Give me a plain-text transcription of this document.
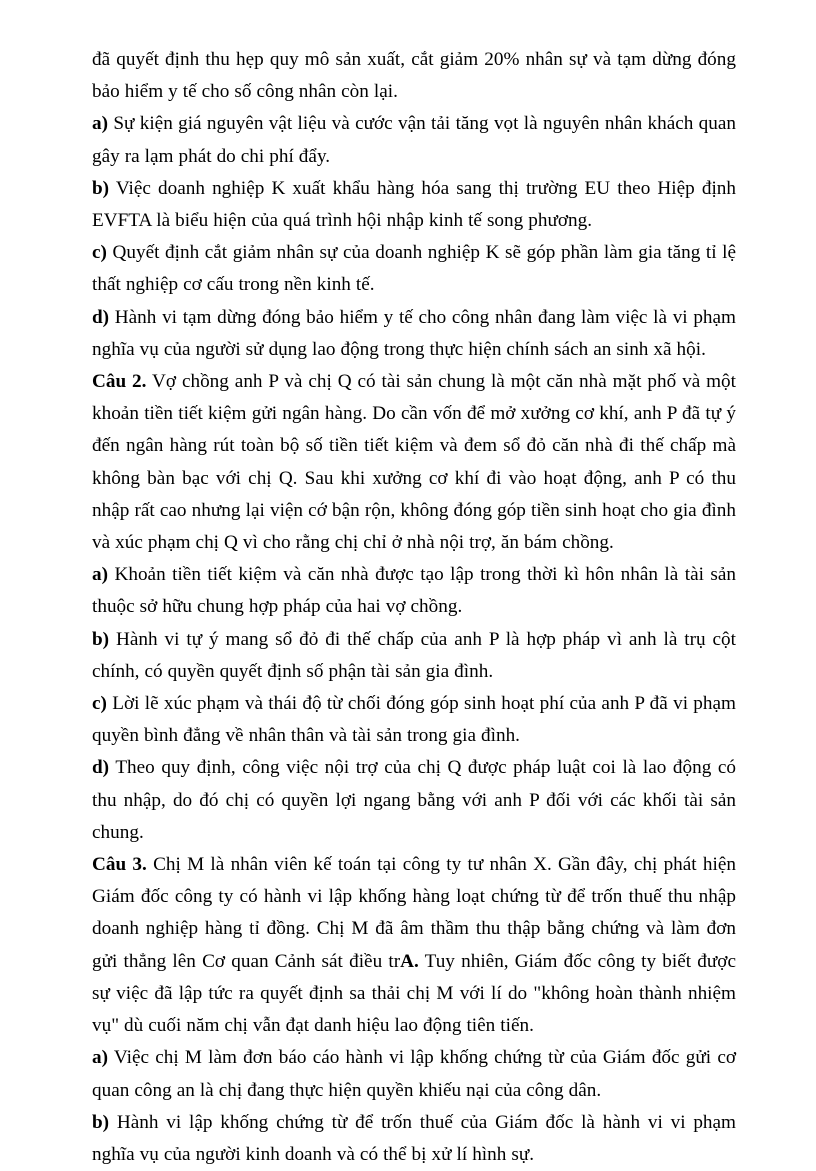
đã quyết định thu hẹp quy mô sản xuất, cắt giảm 20% nhân sự và tạm dừng đóng bảo hiểm y tế cho số công nhân còn lại.

a) Sự kiện giá nguyên vật liệu và cước vận tải tăng vọt là nguyên nhân khách quan gây ra lạm phát do chi phí đẩy.

b) Việc doanh nghiệp K xuất khẩu hàng hóa sang thị trường EU theo Hiệp định EVFTA là biểu hiện của quá trình hội nhập kinh tế song phương.

c) Quyết định cắt giảm nhân sự của doanh nghiệp K sẽ góp phần làm gia tăng tỉ lệ thất nghiệp cơ cấu trong nền kinh tế.

d) Hành vi tạm dừng đóng bảo hiểm y tế cho công nhân đang làm việc là vi phạm nghĩa vụ của người sử dụng lao động trong thực hiện chính sách an sinh xã hội.

Câu 2. Vợ chồng anh P và chị Q có tài sản chung là một căn nhà mặt phố và một khoản tiền tiết kiệm gửi ngân hàng. Do cần vốn để mở xưởng cơ khí, anh P đã tự ý đến ngân hàng rút toàn bộ số tiền tiết kiệm và đem sổ đỏ căn nhà đi thế chấp mà không bàn bạc với chị Q. Sau khi xưởng cơ khí đi vào hoạt động, anh P có thu nhập rất cao nhưng lại viện cớ bận rộn, không đóng góp tiền sinh hoạt cho gia đình và xúc phạm chị Q vì cho rằng chị chỉ ở nhà nội trợ, ăn bám chồng.

a) Khoản tiền tiết kiệm và căn nhà được tạo lập trong thời kì hôn nhân là tài sản thuộc sở hữu chung hợp pháp của hai vợ chồng.

b) Hành vi tự ý mang sổ đỏ đi thế chấp của anh P là hợp pháp vì anh là trụ cột chính, có quyền quyết định số phận tài sản gia đình.

c) Lời lẽ xúc phạm và thái độ từ chối đóng góp sinh hoạt phí của anh P đã vi phạm quyền bình đẳng về nhân thân và tài sản trong gia đình.

d) Theo quy định, công việc nội trợ của chị Q được pháp luật coi là lao động có thu nhập, do đó chị có quyền lợi ngang bằng với anh P đối với các khối tài sản chung.

Câu 3. Chị M là nhân viên kế toán tại công ty tư nhân X. Gần đây, chị phát hiện Giám đốc công ty có hành vi lập khống hàng loạt chứng từ để trốn thuế thu nhập doanh nghiệp hàng tỉ đồng. Chị M đã âm thầm thu thập bằng chứng và làm đơn gửi thẳng lên Cơ quan Cảnh sát điều trA. Tuy nhiên, Giám đốc công ty biết được sự việc đã lập tức ra quyết định sa thải chị M với lí do "không hoàn thành nhiệm vụ" dù cuối năm chị vẫn đạt danh hiệu lao động tiên tiến.

a) Việc chị M làm đơn báo cáo hành vi lập khống chứng từ của Giám đốc gửi cơ quan công an là chị đang thực hiện quyền khiếu nại của công dân.

b) Hành vi lập khống chứng từ để trốn thuế của Giám đốc là hành vi vi phạm nghĩa vụ của người kinh doanh và có thể bị xử lí hình sự.
